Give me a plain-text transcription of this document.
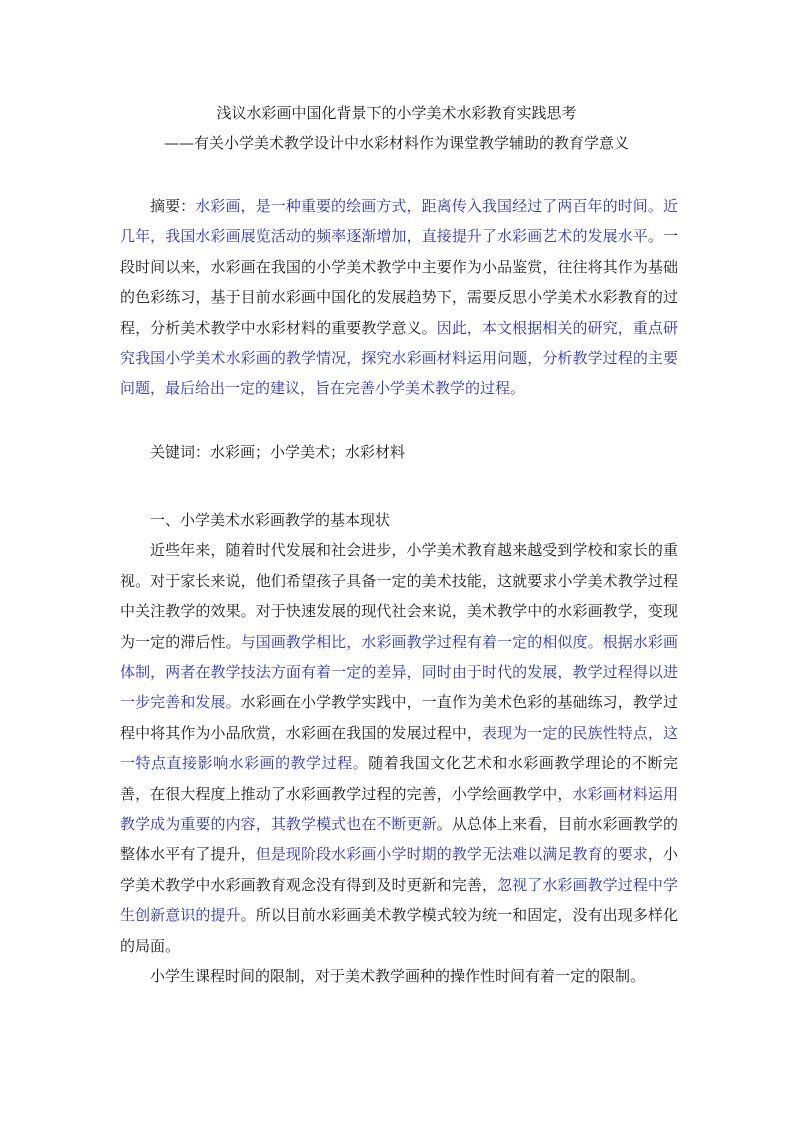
浅议水彩画中国化背景下的小学美术水彩教育实践思考
——有关小学美术教学设计中水彩材料作为课堂教学辅助的教育学意义

摘要：水彩画，是一种重要的绘画方式，距离传入我国经过了两百年的时间。近几年，我国水彩画展览活动的频率逐渐增加，直接提升了水彩画艺术的发展水平。一段时间以来，水彩画在我国的小学美术教学中主要作为小品鉴赏，往往将其作为基础的色彩练习，基于目前水彩画中国化的发展趋势下，需要反思小学美术水彩教育的过程，分析美术教学中水彩材料的重要教学意义。因此，本文根据相关的研究，重点研究我国小学美术水彩画的教学情况，探究水彩画材料运用问题，分析教学过程的主要问题，最后给出一定的建议，旨在完善小学美术教学的过程。

关键词：水彩画；小学美术；水彩材料

一、小学美术水彩画教学的基本现状

近些年来，随着时代发展和社会进步，小学美术教育越来越受到学校和家长的重视。对于家长来说，他们希望孩子具备一定的美术技能，这就要求小学美术教学过程中关注教学的效果。对于快速发展的现代社会来说，美术教学中的水彩画教学，变现为一定的滞后性。与国画教学相比，水彩画教学过程有着一定的相似度。根据水彩画体制，两者在教学技法方面有着一定的差异，同时由于时代的发展，教学过程得以进一步完善和发展。水彩画在小学教学实践中，一直作为美术色彩的基础练习，教学过程中将其作为小品欣赏，水彩画在我国的发展过程中，表现为一定的民族性特点，这一特点直接影响水彩画的教学过程。随着我国文化艺术和水彩画教学理论的不断完善，在很大程度上推动了水彩画教学过程的完善，小学绘画教学中，水彩画材料运用教学成为重要的内容，其教学模式也在不断更新。从总体上来看，目前水彩画教学的整体水平有了提升，但是现阶段水彩画小学时期的教学无法难以满足教育的要求，小学美术教学中水彩画教育观念没有得到及时更新和完善，忽视了水彩画教学过程中学生创新意识的提升。所以目前水彩画美术教学模式较为统一和固定，没有出现多样化的局面。

小学生课程时间的限制，对于美术教学画种的操作性时间有着一定的限制。
